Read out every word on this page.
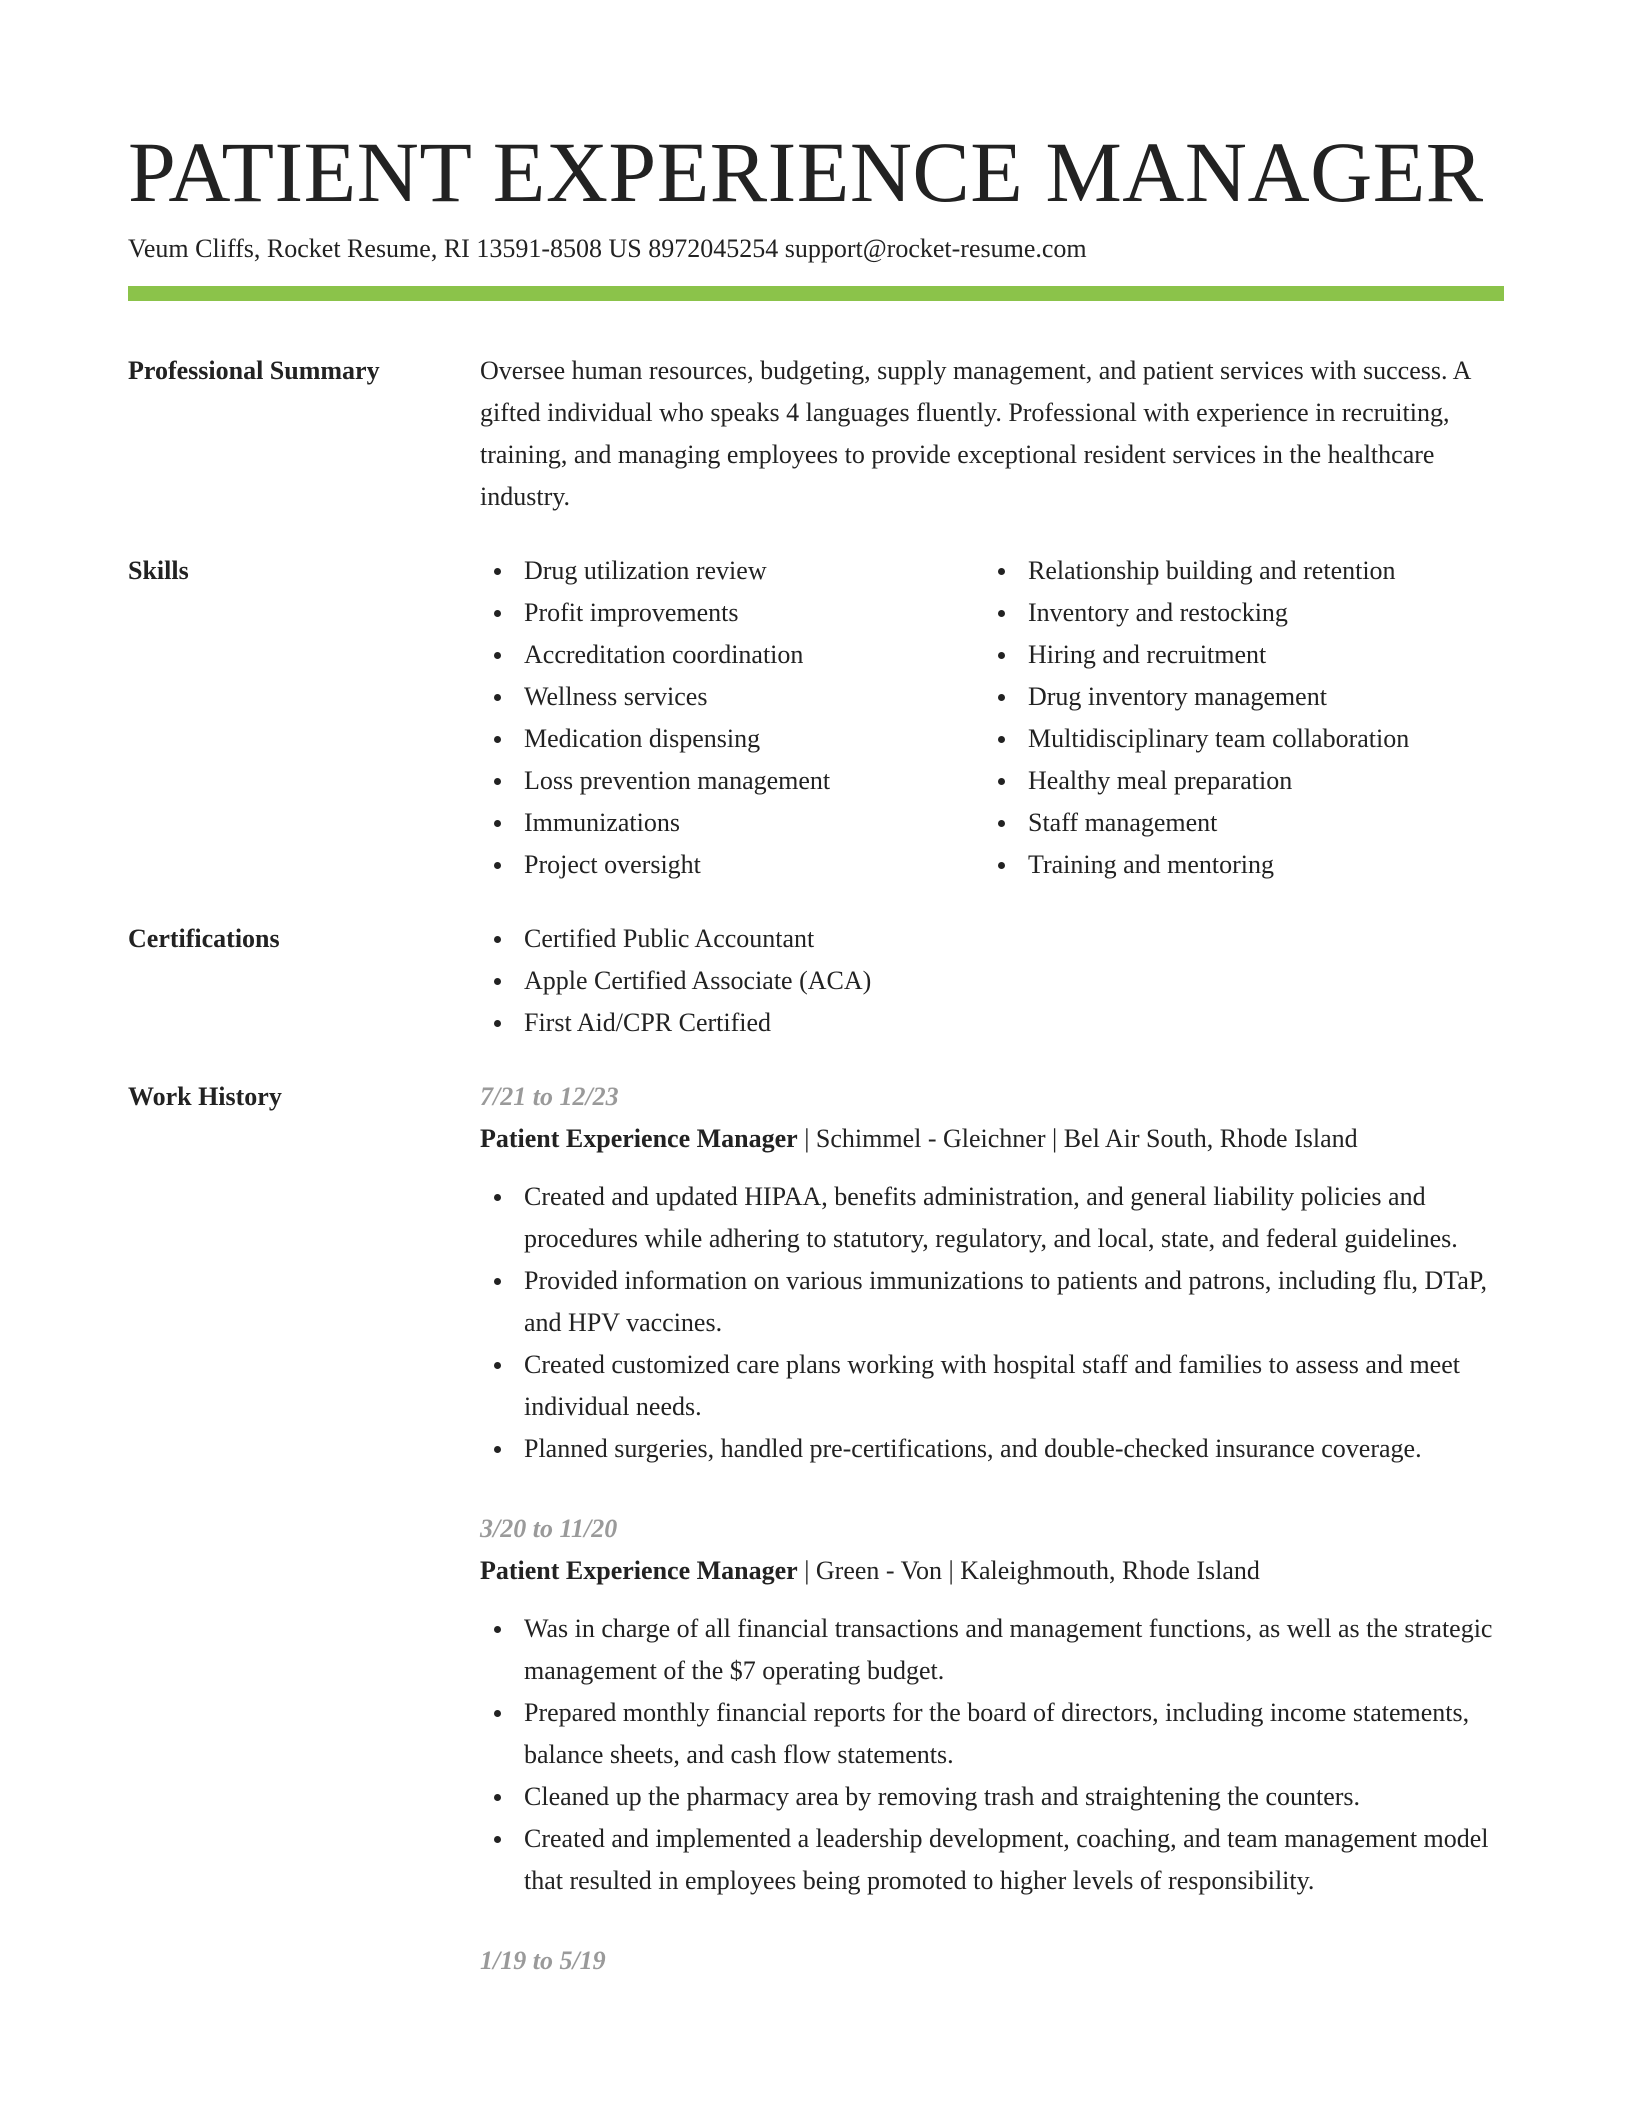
PATIENT EXPERIENCE MANAGER
Veum Cliffs, Rocket Resume, RI 13591-8508 US 8972045254 support@rocket-resume.com
Professional Summary	Oversee human resources, budgeting, supply management, and patient services with success. A gifted individual who speaks 4 languages fluently. Professional with experience in recruiting, training, and managing employees to provide exceptional resident services in the healthcare industry.

Skills	Drug utilization review
Profit improvements
Accreditation coordination
Wellness services
Medication dispensing
Loss prevention management
Immunizations
Project oversight
Relationship building and retention
Inventory and restocking
Hiring and recruitment
Drug inventory management
Multidisciplinary team collaboration
Healthy meal preparation
Staff management
Training and mentoring
Certifications	Certified Public Accountant
Apple Certified Associate (ACA)
First Aid/CPR Certified
Work History	7/21 to 12/23
Patient Experience Manager | Schimmel - Gleichner | Bel Air South, Rhode Island
Created and updated HIPAA, benefits administration, and general liability policies and procedures while adhering to statutory, regulatory, and local, state, and federal guidelines.
Provided information on various immunizations to patients and patrons, including flu, DTaP, and HPV vaccines.
Created customized care plans working with hospital staff and families to assess and meet individual needs.
Planned surgeries, handled pre-certifications, and double-checked insurance coverage.
3/20 to 11/20
Patient Experience Manager | Green - Von | Kaleighmouth, Rhode Island
Was in charge of all financial transactions and management functions, as well as the strategic management of the $7 operating budget.
Prepared monthly financial reports for the board of directors, including income statements, balance sheets, and cash flow statements.
Cleaned up the pharmacy area by removing trash and straightening the counters.
Created and implemented a leadership development, coaching, and team management model that resulted in employees being promoted to higher levels of responsibility.
1/19 to 5/19
